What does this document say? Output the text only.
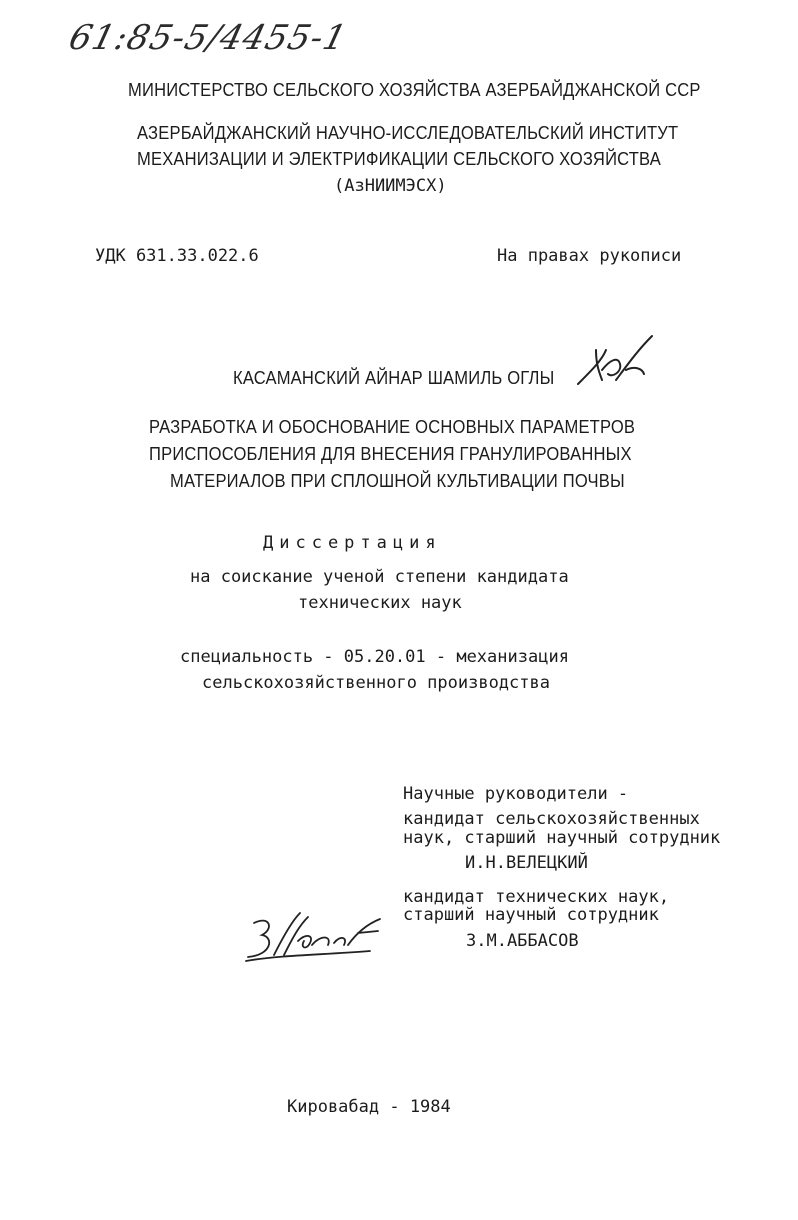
61:85-5/4455-1
МИНИСТЕРСТВО СЕЛЬСКОГО ХОЗЯЙСТВА АЗЕРБАЙДЖАНСКОЙ ССР
АЗЕРБАЙДЖАНСКИЙ НАУЧНО-ИССЛЕДОВАТЕЛЬСКИЙ ИНСТИТУТ
МЕХАНИЗАЦИИ И ЭЛЕКТРИФИКАЦИИ СЕЛЬСКОГО ХОЗЯЙСТВА
(АзНИИМЭСХ)
УДК 631.33.022.6	На правах рукописи
КАСАМАНСКИЙ АЙНАР ШАМИЛЬ ОГЛЫ
РАЗРАБОТКА И ОБОСНОВАНИЕ ОСНОВНЫХ ПАРАМЕТРОВ
ПРИСПОСОБЛЕНИЯ ДЛЯ ВНЕСЕНИЯ ГРАНУЛИРОВАННЫХ
МАТЕРИАЛОВ ПРИ СПЛОШНОЙ КУЛЬТИВАЦИИ ПОЧВЫ
Диссертация
на соискание ученой степени кандидата
технических наук
специальность - 05.20.01 - механизация
сельскохозяйственного производства
Научные руководители -
кандидат сельскохозяйственных
наук, старший научный сотрудник
И.Н.ВЕЛЕЦКИЙ
кандидат технических наук,
старший научный сотрудник
З.М.АББАСОВ
Кировабад - 1984
